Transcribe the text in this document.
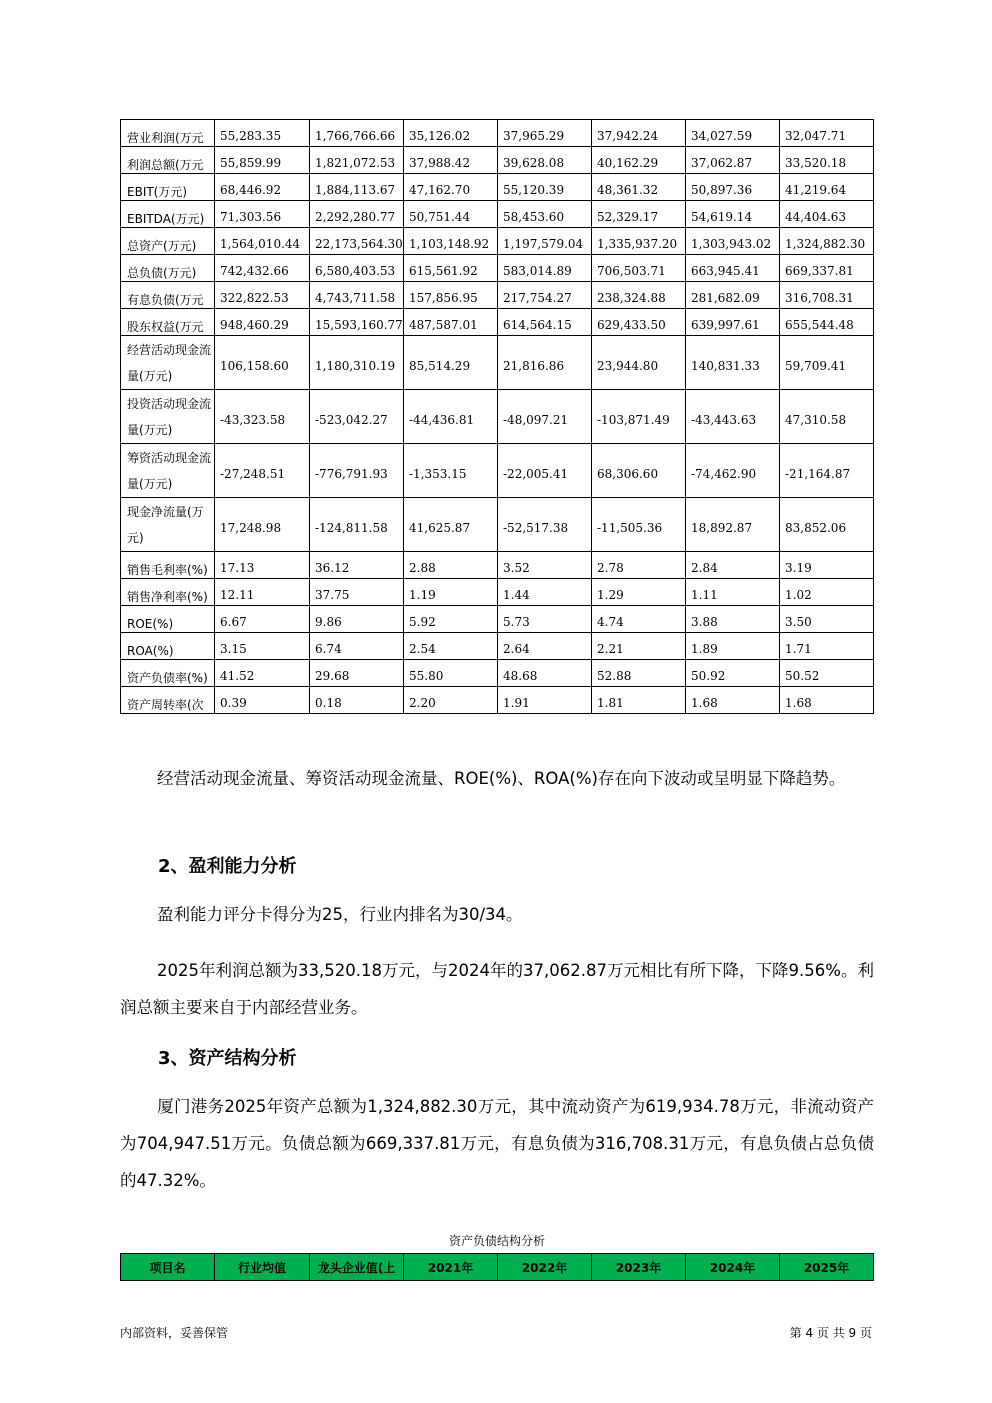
营业利润(万元	55,283.35	1,766,766.66	35,126.02	37,965.29	37,942.24	34,027.59	32,047.71
利润总额(万元	55,859.99	1,821,072.53	37,988.42	39,628.08	40,162.29	37,062.87	33,520.18
EBIT(万元)	68,446.92	1,884,113.67	47,162.70	55,120.39	48,361.32	50,897.36	41,219.64
EBITDA(万元)	71,303.56	2,292,280.77	50,751.44	58,453.60	52,329.17	54,619.14	44,404.63
总资产(万元)	1,564,010.44	22,173,564.30	1,103,148.92	1,197,579.04	1,335,937.20	1,303,943.02	1,324,882.30
总负债(万元)	742,432.66	6,580,403.53	615,561.92	583,014.89	706,503.71	663,945.41	669,337.81
有息负债(万元	322,822.53	4,743,711.58	157,856.95	217,754.27	238,324.88	281,682.09	316,708.31
股东权益(万元	948,460.29	15,593,160.77	487,587.01	614,564.15	629,433.50	639,997.61	655,544.48
经营活动现金流量(万元)	106,158.60	1,180,310.19	85,514.29	21,816.86	23,944.80	140,831.33	59,709.41
投资活动现金流量(万元)	-43,323.58	-523,042.27	-44,436.81	-48,097.21	-103,871.49	-43,443.63	47,310.58
筹资活动现金流量(万元)	-27,248.51	-776,791.93	-1,353.15	-22,005.41	68,306.60	-74,462.90	-21,164.87
现金净流量(万元)	17,248.98	-124,811.58	41,625.87	-52,517.38	-11,505.36	18,892.87	83,852.06
销售毛利率(%)	17.13	36.12	2.88	3.52	2.78	2.84	3.19
销售净利率(%)	12.11	37.75	1.19	1.44	1.29	1.11	1.02
ROE(%)	6.67	9.86	5.92	5.73	4.74	3.88	3.50
ROA(%)	3.15	6.74	2.54	2.64	2.21	1.89	1.71
资产负债率(%)	41.52	29.68	55.80	48.68	52.88	50.92	50.52
资产周转率(次	0.39	0.18	2.20	1.91	1.81	1.68	1.68

经营活动现金流量、筹资活动现金流量、ROE(%)、ROA(%)存在向下波动或呈明显下降趋势。

2、盈利能力分析

盈利能力评分卡得分为25，行业内排名为30/34。

2025年利润总额为33,520.18万元，与2024年的37,062.87万元相比有所下降，下降9.56%。利润总额主要来自于内部经营业务。

3、资产结构分析

厦门港务2025年资产总额为1,324,882.30万元，其中流动资产为619,934.78万元，非流动资产为704,947.51万元。负债总额为669,337.81万元，有息负债为316,708.31万元，有息负债占总负债的47.32%。

资产负债结构分析
项目名	行业均值	龙头企业值(上	2021年	2022年	2023年	2024年	2025年
内部资料，妥善保管	第 4 页 共 9 页
